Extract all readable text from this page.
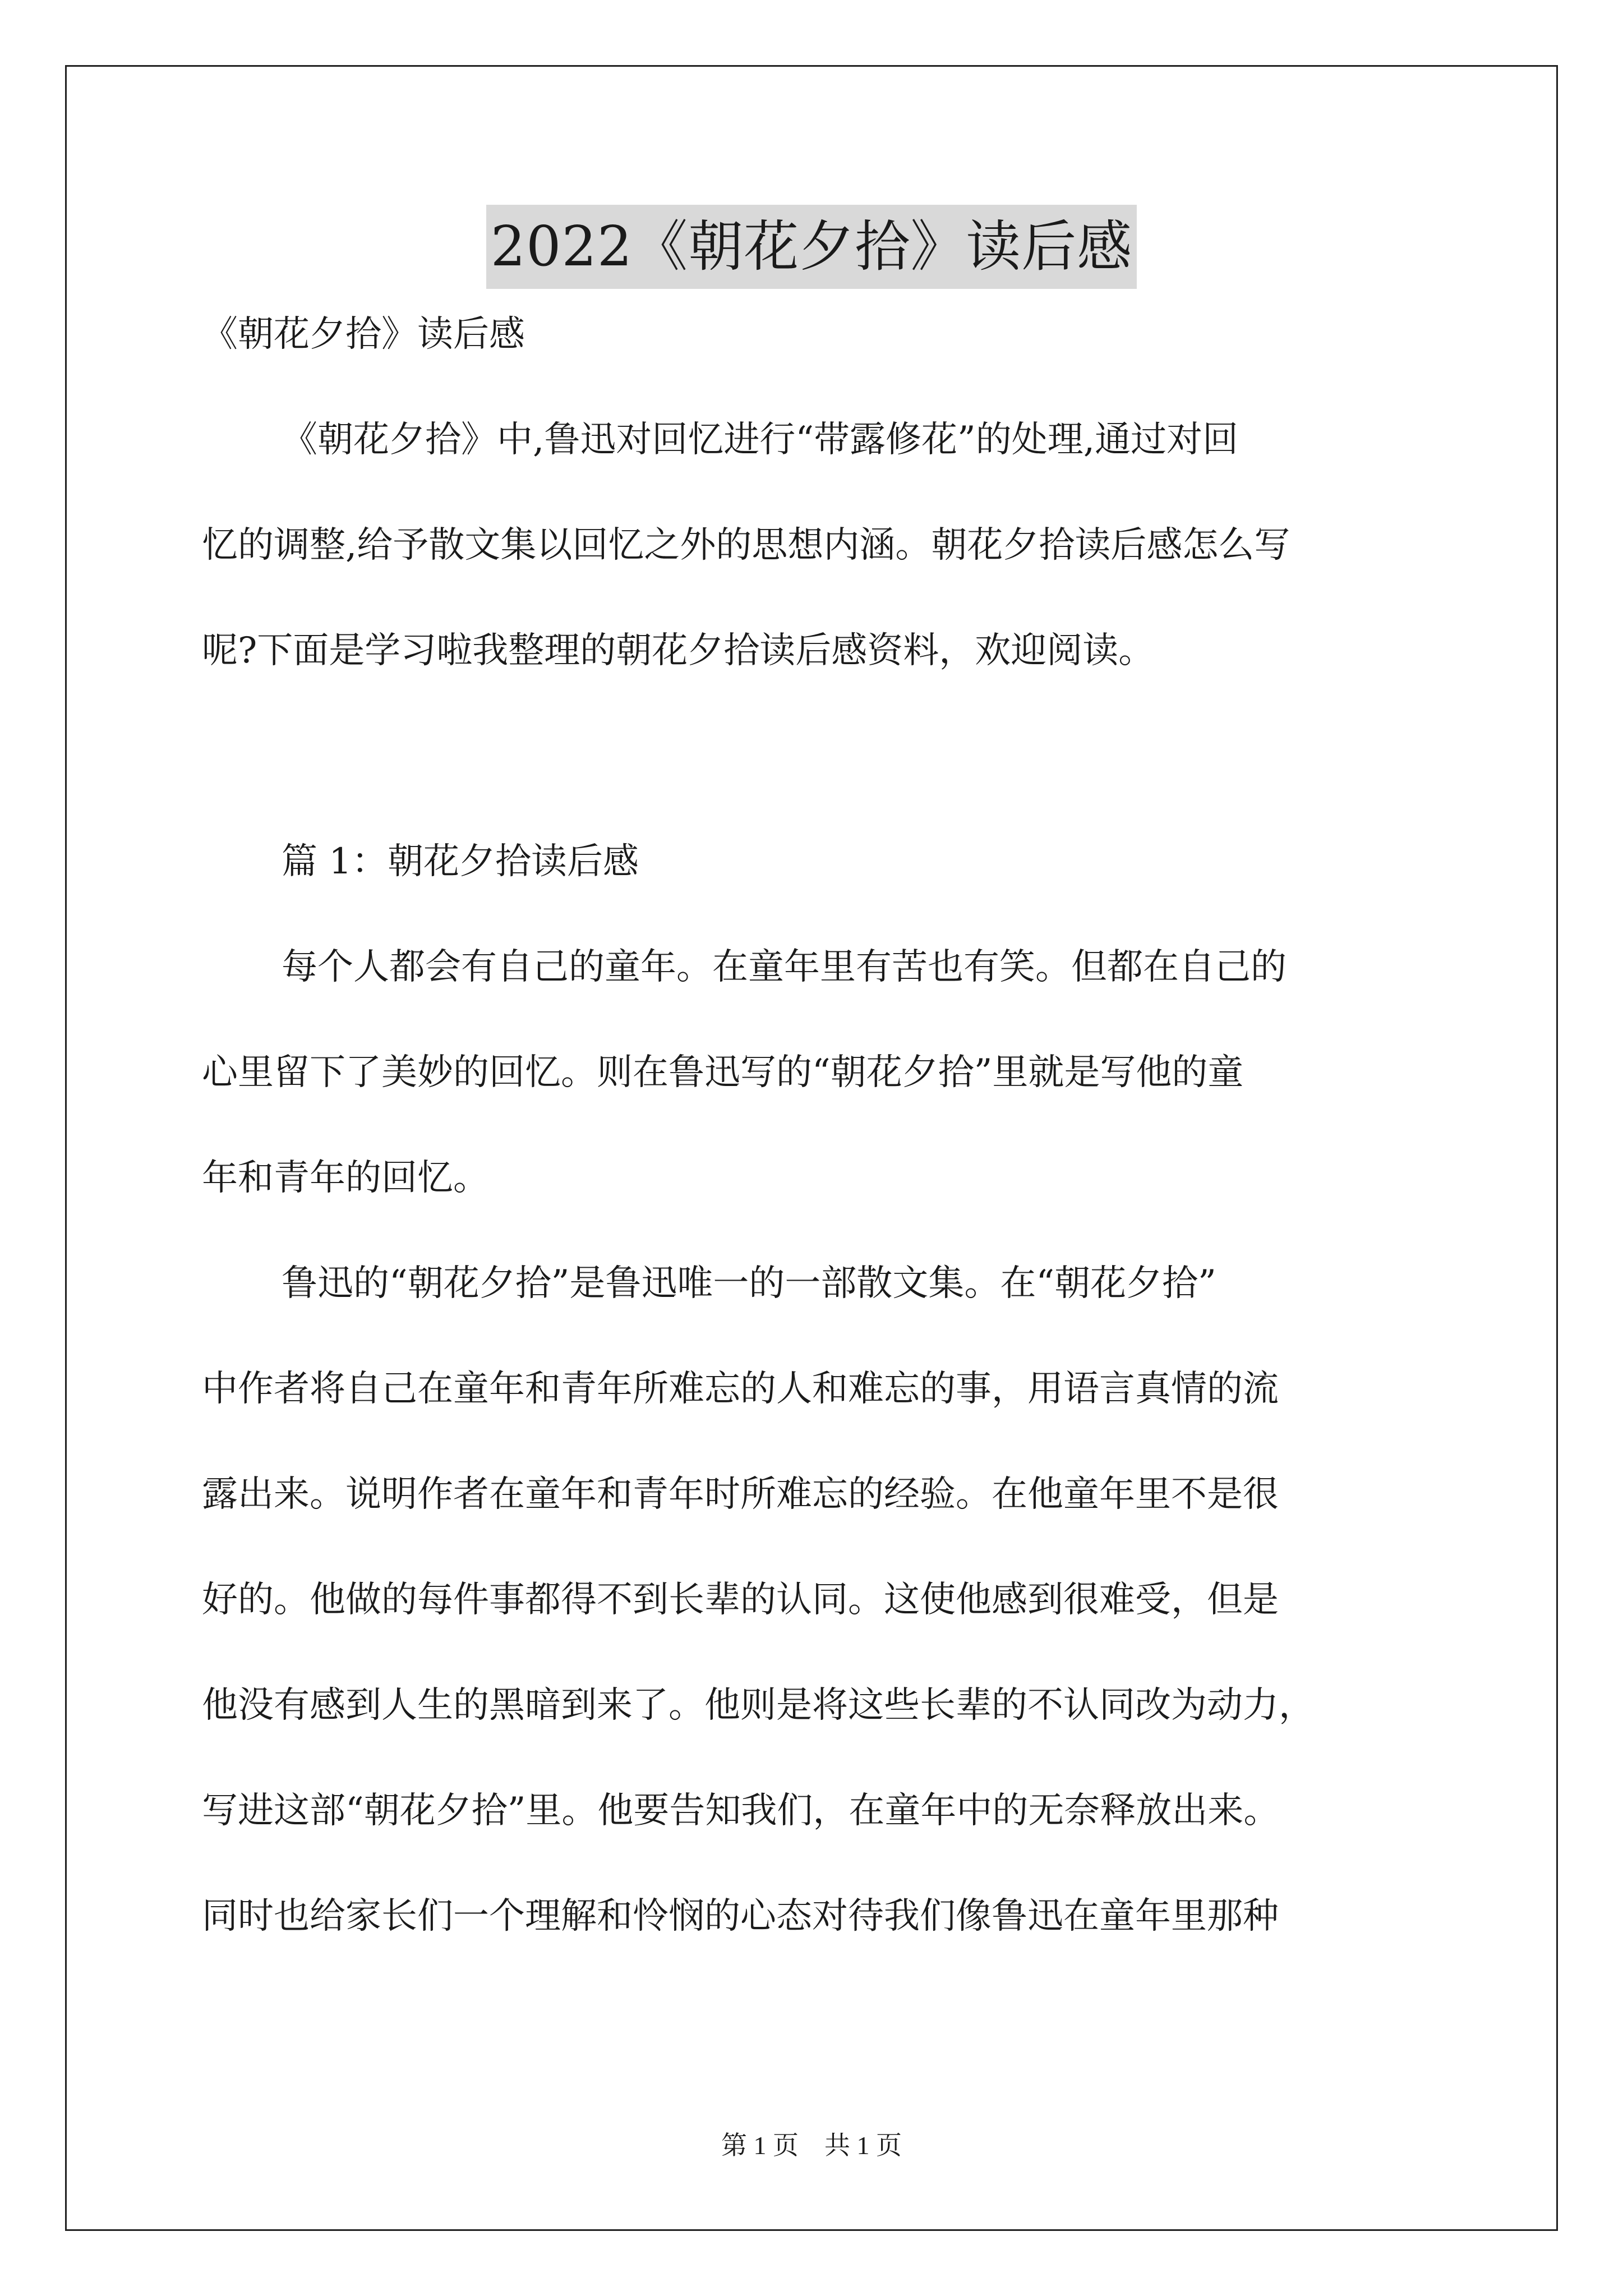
2022《朝花夕拾》读后感
《朝花夕拾》读后感
《朝花夕拾》中,鲁迅对回忆进行“带露修花”的处理,通过对回
忆的调整,给予散文集以回忆之外的思想内涵。朝花夕拾读后感怎么写
呢?下面是学习啦我整理的朝花夕拾读后感资料，欢迎阅读。
篇 1：朝花夕拾读后感
每个人都会有自己的童年。在童年里有苦也有笑。但都在自己的
心里留下了美妙的回忆。则在鲁迅写的“朝花夕拾”里就是写他的童
年和青年的回忆。
鲁迅的“朝花夕拾”是鲁迅唯一的一部散文集。在“朝花夕拾”
中作者将自己在童年和青年所难忘的人和难忘的事，用语言真情的流
露出来。说明作者在童年和青年时所难忘的经验。在他童年里不是很
好的。他做的每件事都得不到长辈的认同。这使他感到很难受，但是
他没有感到人生的黑暗到来了。他则是将这些长辈的不认同改为动力，
写进这部“朝花夕拾”里。他要告知我们，在童年中的无奈释放出来。
同时也给家长们一个理解和怜悯的心态对待我们像鲁迅在童年里那种
第 1 页　共 1 页
